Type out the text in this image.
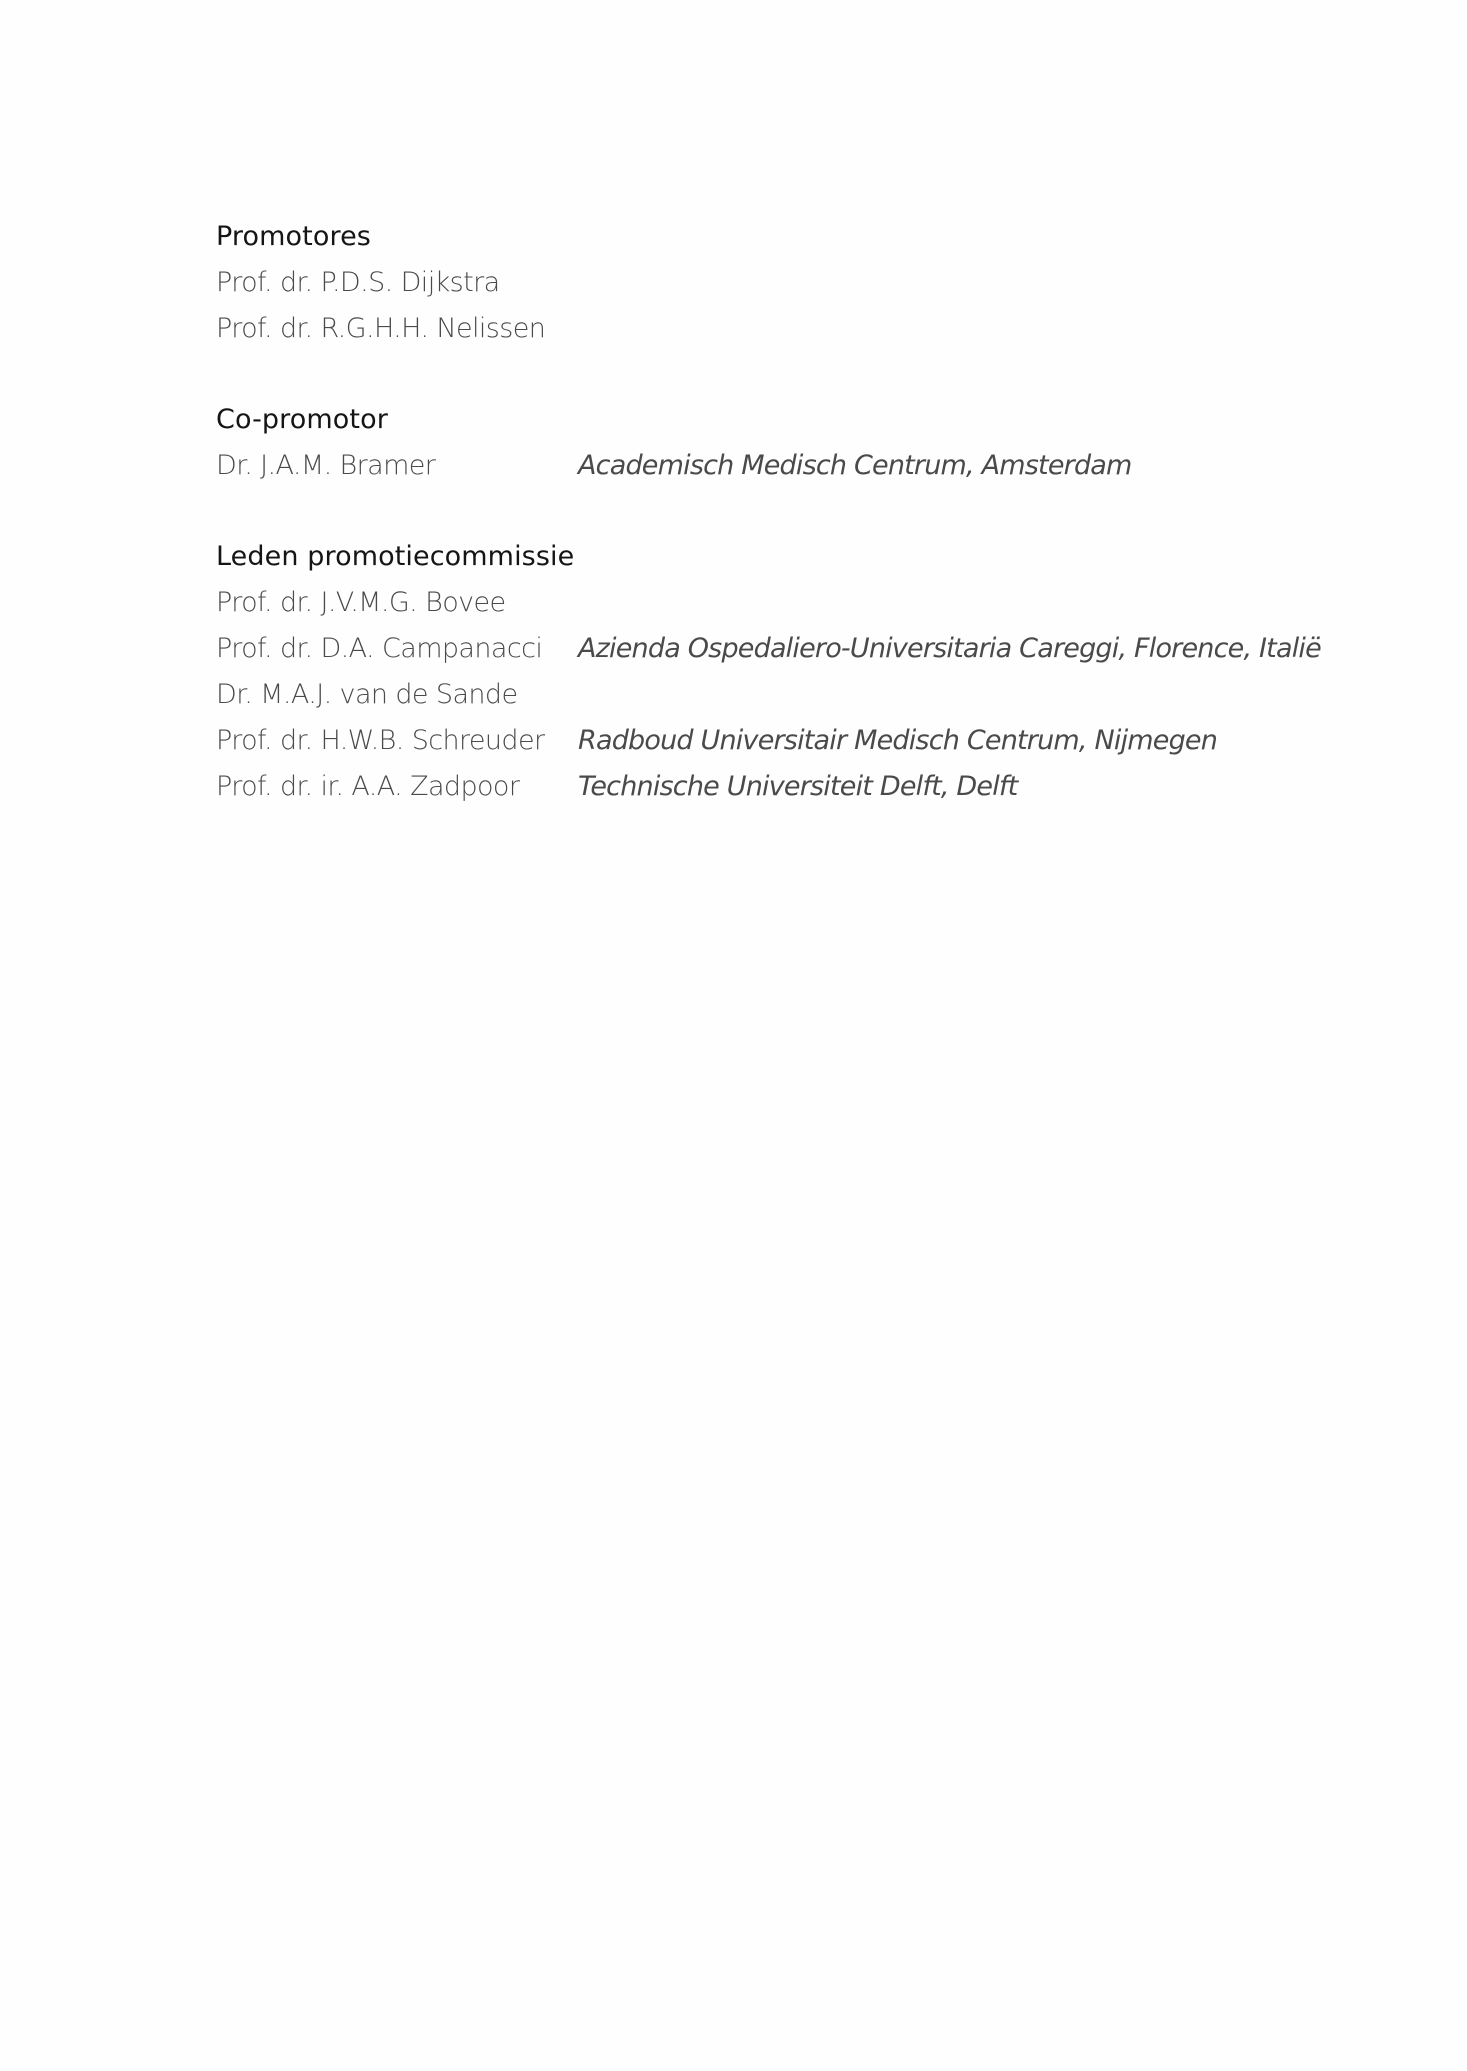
Promotores
Prof. dr. P.D.S. Dijkstra
Prof. dr. R.G.H.H. Nelissen
Co-promotor
Dr. J.A.M. Bramer	Academisch Medisch Centrum, Amsterdam
Leden promotiecommissie
Prof. dr. J.V.M.G. Bovee
Prof. dr. D.A. Campanacci	Azienda Ospedaliero-Universitaria Careggi, Florence, Italië
Dr. M.A.J. van de Sande
Prof. dr. H.W.B. Schreuder	Radboud Universitair Medisch Centrum, Nijmegen
Prof. dr. ir. A.A. Zadpoor	Technische Universiteit Delft, Delft
